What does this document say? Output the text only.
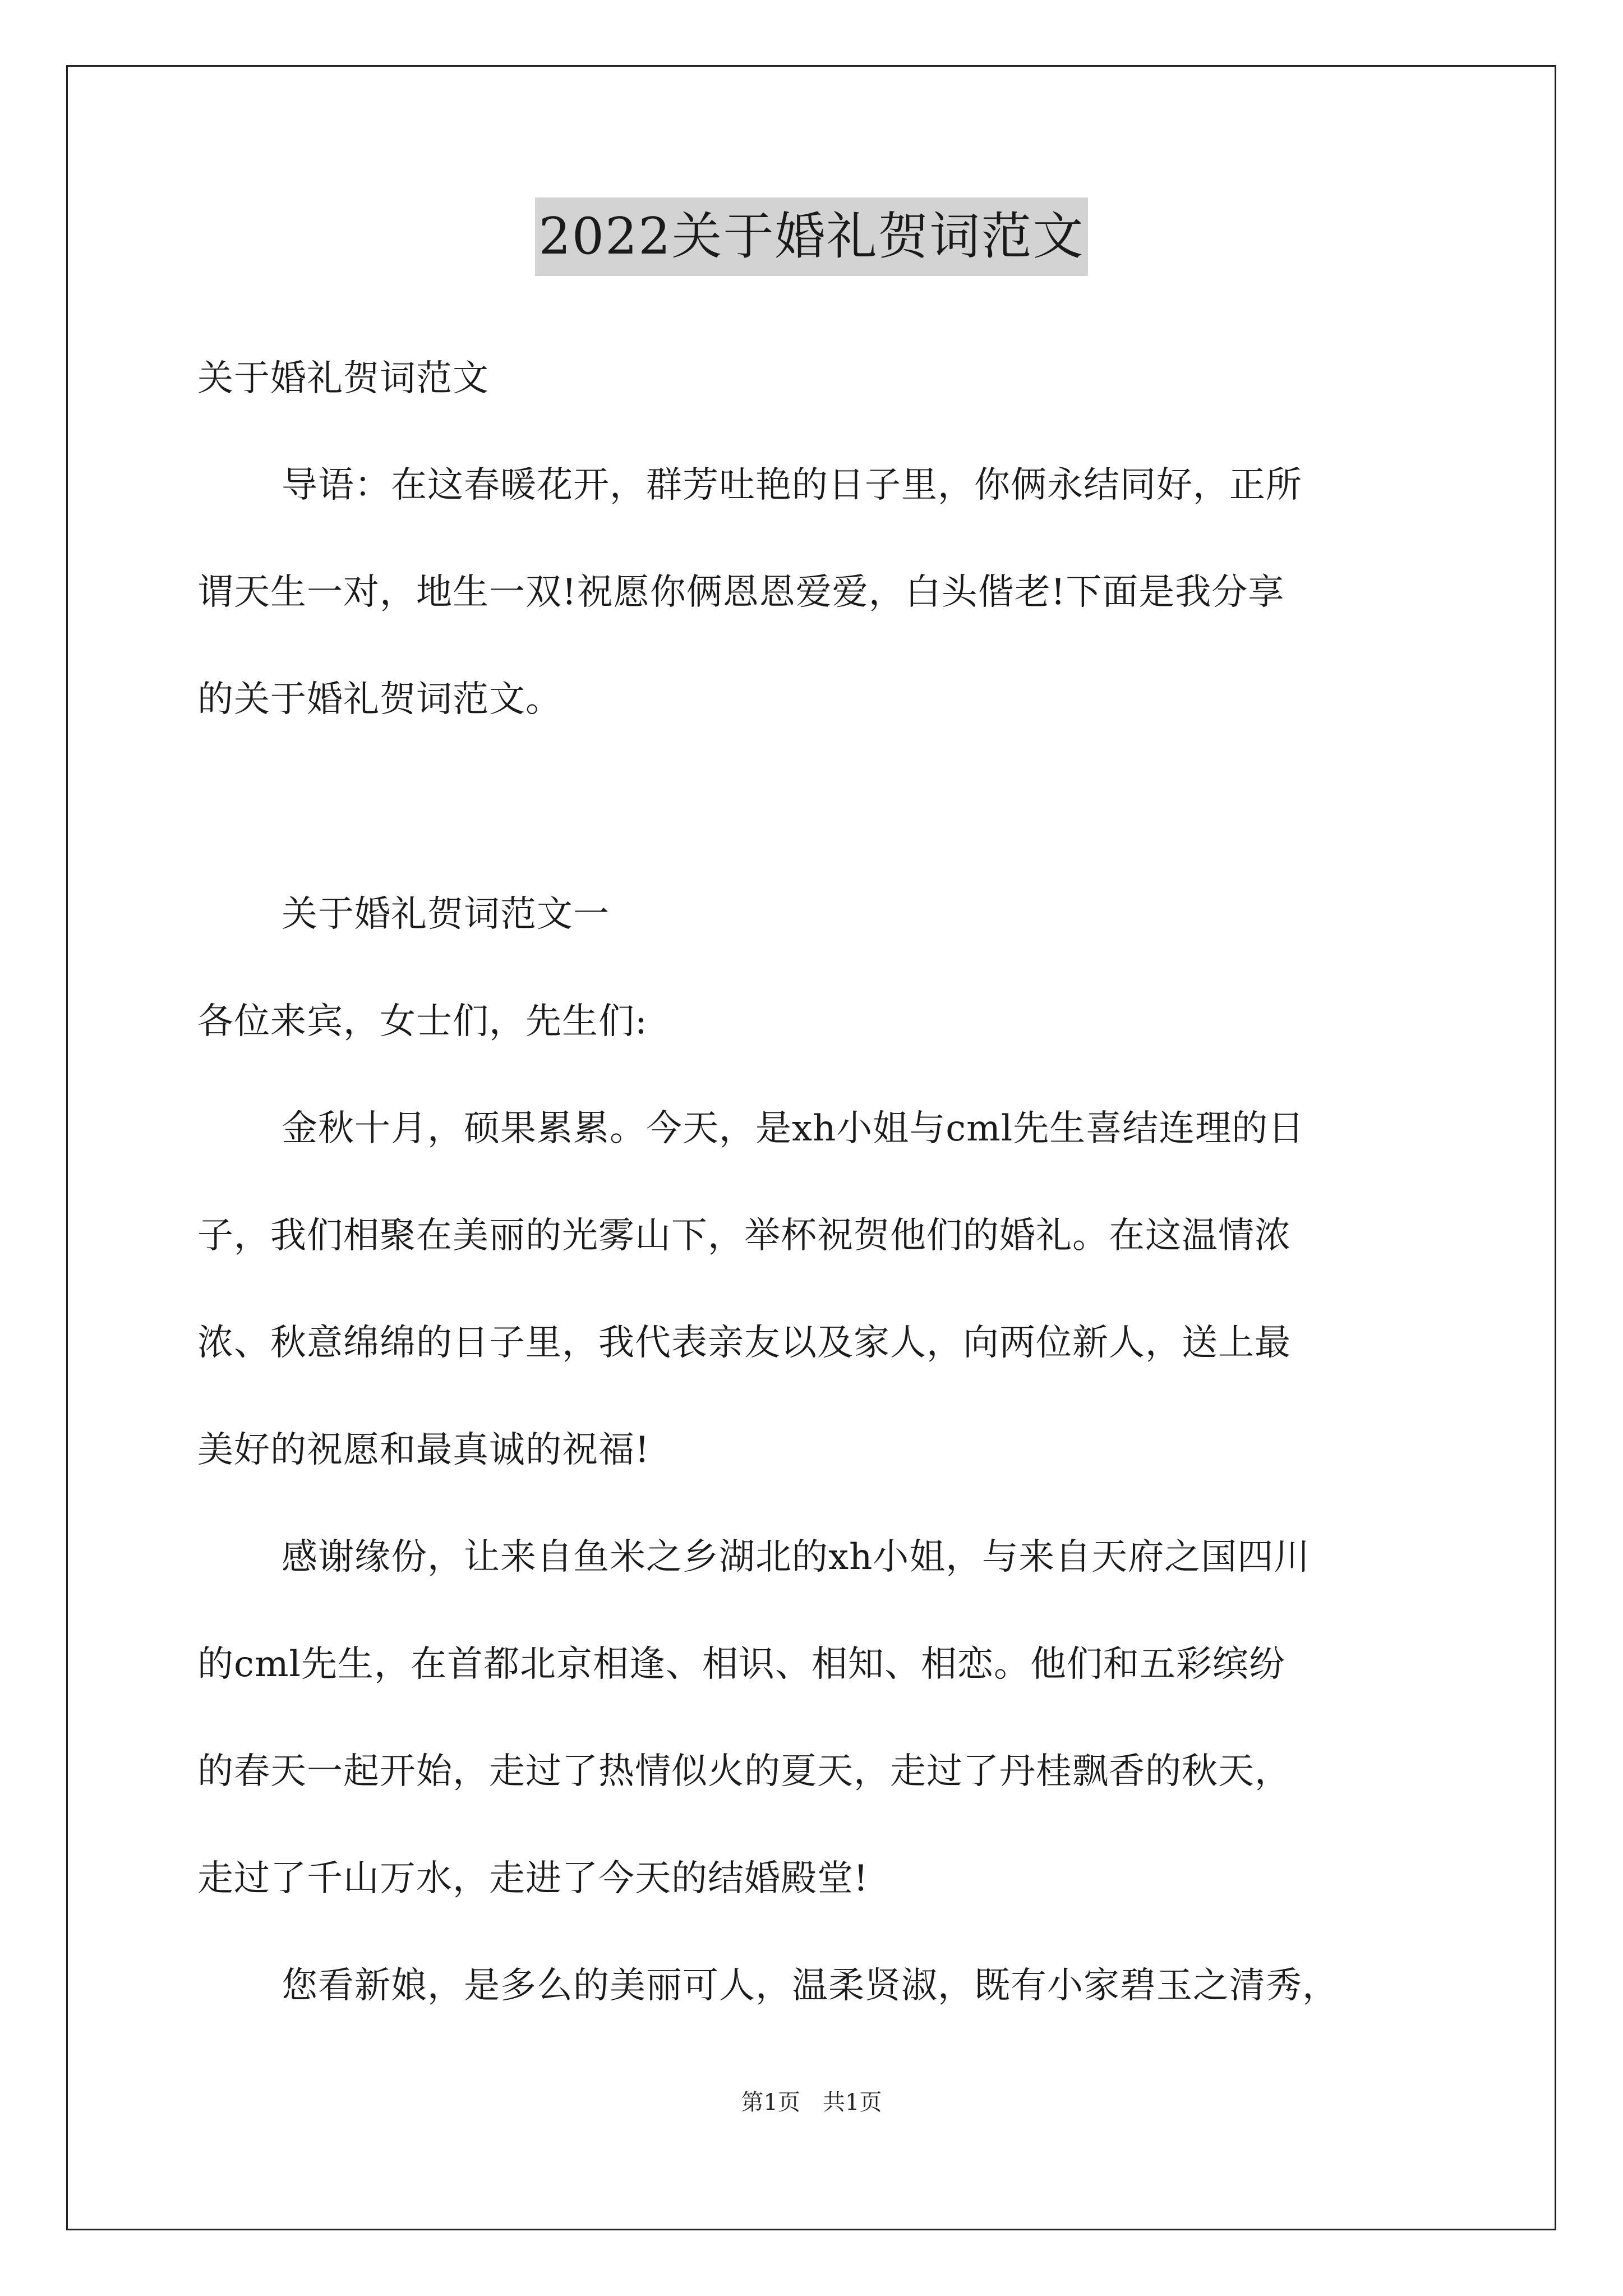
2022关于婚礼贺词范文

关于婚礼贺词范文

导语：在这春暖花开，群芳吐艳的日子里，你俩永结同好，正所
谓天生一对，地生一双!祝愿你俩恩恩爱爱，白头偕老!下面是我分享
的关于婚礼贺词范文。

关于婚礼贺词范文一

各位来宾，女士们，先生们:

金秋十月，硕果累累。今天，是xh小姐与cml先生喜结连理的日
子，我们相聚在美丽的光雾山下，举杯祝贺他们的婚礼。在这温情浓
浓、秋意绵绵的日子里，我代表亲友以及家人，向两位新人，送上最
美好的祝愿和最真诚的祝福!

感谢缘份，让来自鱼米之乡湖北的xh小姐，与来自天府之国四川
的cml先生，在首都北京相逢、相识、相知、相恋。他们和五彩缤纷
的春天一起开始，走过了热情似火的夏天，走过了丹桂飘香的秋天，
走过了千山万水，走进了今天的结婚殿堂!

您看新娘，是多么的美丽可人，温柔贤淑，既有小家碧玉之清秀，

第1页　共1页
